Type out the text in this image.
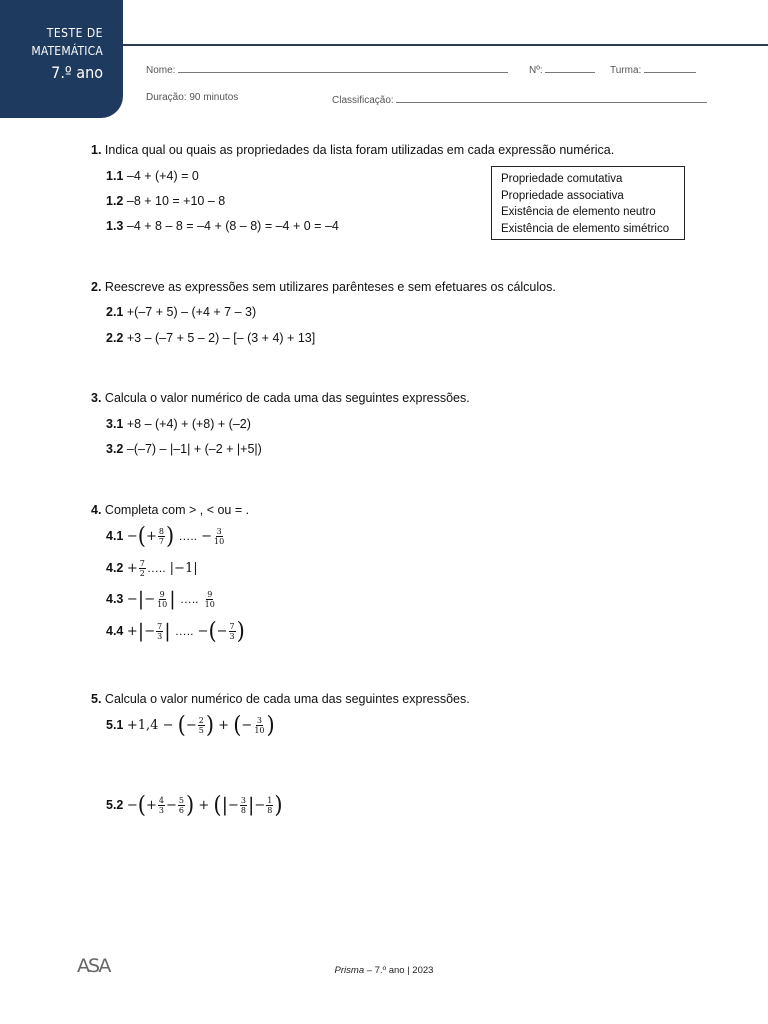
TESTE DE
MATEMÁTICA
7.º ano	Nome:	Nº:	Turma:
Duração: 90 minutos	Classificação:
1. Indica qual ou quais as propriedades da lista foram utilizadas em cada expressão numérica.
1.1 –4 + (+4) = 0
1.2 –8 + 10 = +10 – 8
1.3 –4 + 8 – 8 = –4 + (8 – 8) = –4 + 0 = –4
Propriedade comutativa
Propriedade associativa
Existência de elemento neutro
Existência de elemento simétrico
2. Reescreve as expressões sem utilizares parênteses e sem efetuares os cálculos.
2.1 +(–7 + 5) – (+4 + 7 – 3)
2.2 +3 – (–7 + 5 – 2) – [– (3 + 4) + 13]
3. Calcula o valor numérico de cada uma das seguintes expressões.
3.1 +8 – (+4) + (+8) + (–2)
3.2 –(–7) – |–1| + (–2 + |+5|)
4. Completa com > , < ou = .
4.1 −(+ $\frac{8}{7}$ ) ….. − $\frac{3}{10}$
$4.2 + \frac{7}{2}$ ….. |−1|
4.3 −|− $\frac{9}{10}$ | ….. $\frac{9}{10}$
4.4 +|− $\frac{7}{3}$ | ….. −(− $\frac{7}{3}$ )
5. Calcula o valor numérico de cada uma das seguintes expressões.
5.1 +1,4 − (− $\frac{2}{5}$ ) + (− $\frac{3}{10}$ )
5.2 −(+ $\frac{4}{3} - \frac{5}{6}$ ) + (|− $\frac{3}{8}$ |− $\frac{1}{8}$ )
ASA	Prisma – 7.º ano | 2023
